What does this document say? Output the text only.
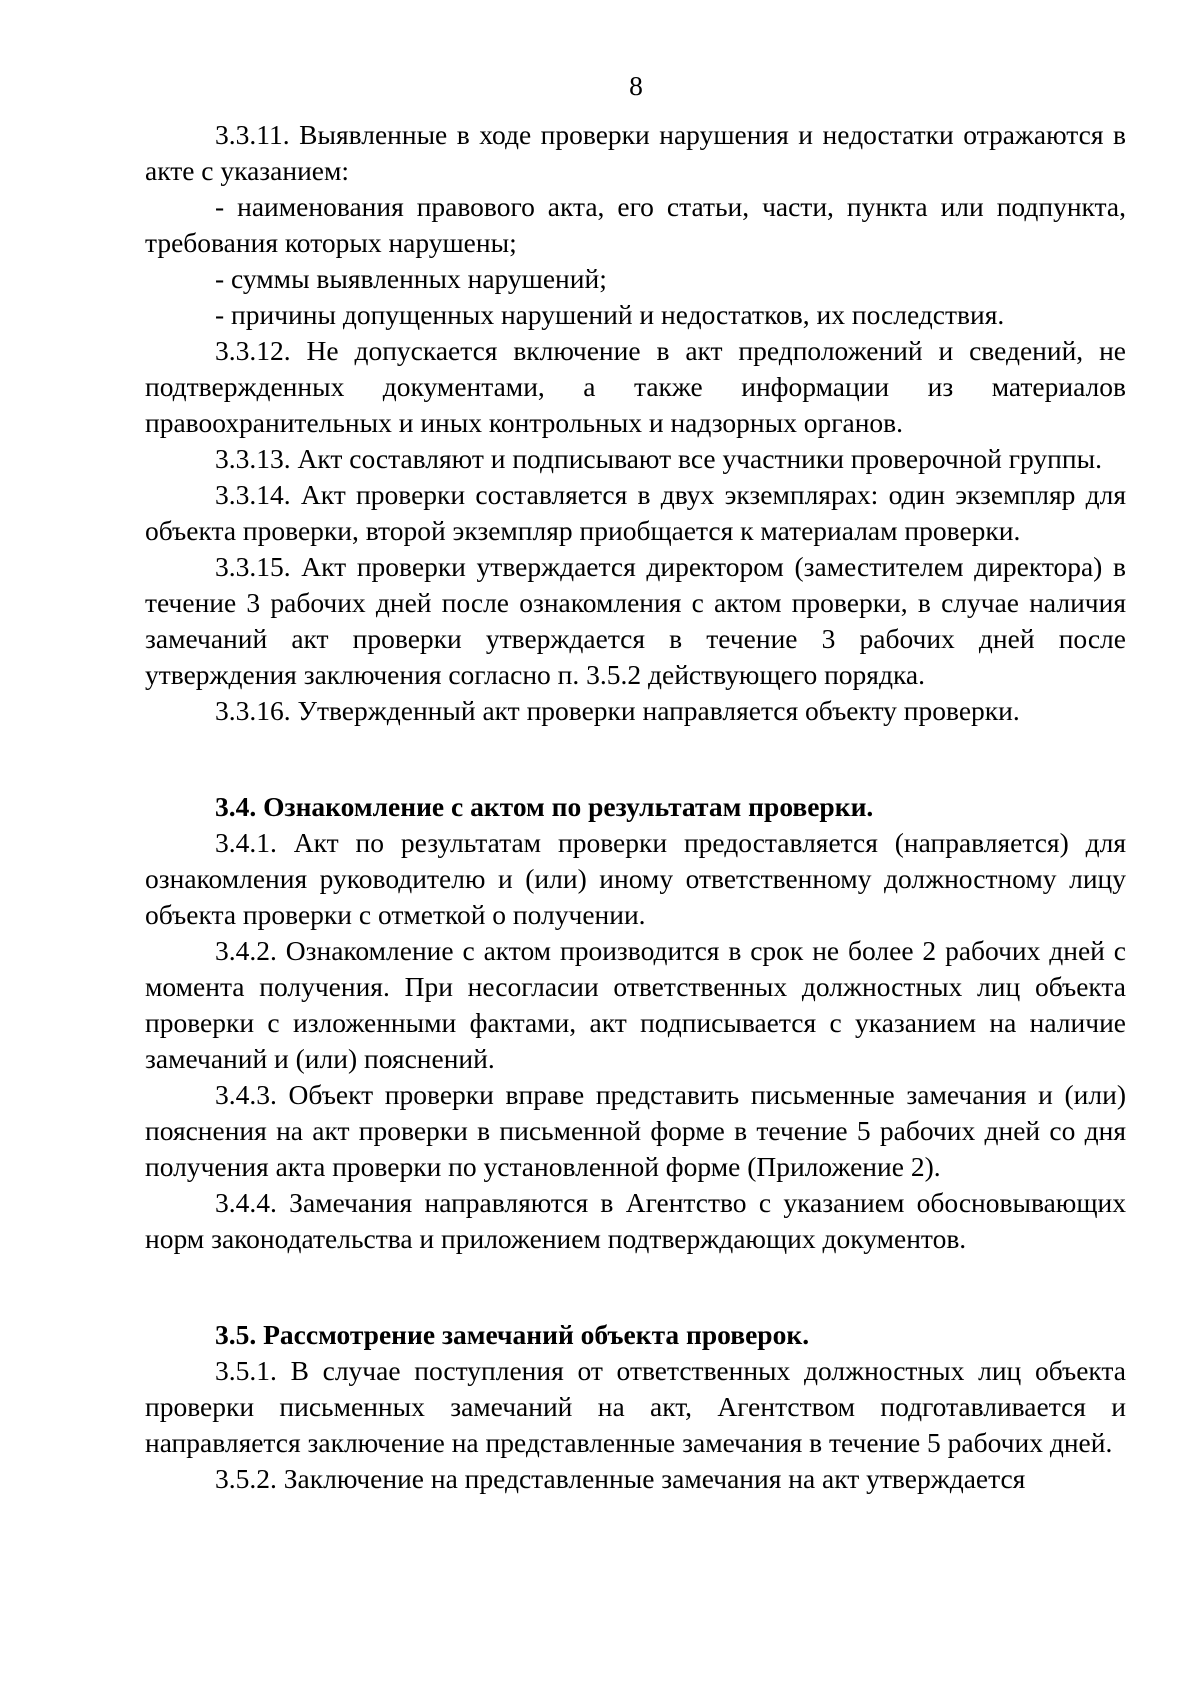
8

3.3.11. Выявленные в ходе проверки нарушения и недостатки отражаются в акте с указанием:

- наименования правового акта, его статьи, части, пункта или подпункта, требования которых нарушены;

- суммы выявленных нарушений;

- причины допущенных нарушений и недостатков, их последствия.

3.3.12. Не допускается включение в акт предположений и сведений, не подтвержденных документами, а также информации из материалов правоохранительных и иных контрольных и надзорных органов.

3.3.13. Акт составляют и подписывают все участники проверочной группы.

3.3.14. Акт проверки составляется в двух экземплярах: один экземпляр для объекта проверки, второй экземпляр приобщается к материалам проверки.

3.3.15. Акт проверки утверждается директором (заместителем директора) в течение 3 рабочих дней после ознакомления с актом проверки, в случае наличия замечаний акт проверки утверждается в течение 3 рабочих дней после утверждения заключения согласно п. 3.5.2 действующего порядка.

3.3.16. Утвержденный акт проверки направляется объекту проверки.

3.4. Ознакомление с актом по результатам проверки.

3.4.1. Акт по результатам проверки предоставляется (направляется) для ознакомления руководителю и (или) иному ответственному должностному лицу объекта проверки с отметкой о получении.

3.4.2. Ознакомление с актом производится в срок не более 2 рабочих дней с момента получения. При несогласии ответственных должностных лиц объекта проверки с изложенными фактами, акт подписывается с указанием на наличие замечаний и (или) пояснений.

3.4.3. Объект проверки вправе представить письменные замечания и (или) пояснения на акт проверки в письменной форме в течение 5 рабочих дней со дня получения акта проверки по установленной форме (Приложение 2).

3.4.4. Замечания направляются в Агентство с указанием обосновывающих норм законодательства и приложением подтверждающих документов.

3.5. Рассмотрение замечаний объекта проверок.

3.5.1. В случае поступления от ответственных должностных лиц объекта проверки письменных замечаний на акт, Агентством подготавливается и направляется заключение на представленные замечания в течение 5 рабочих дней.

3.5.2. Заключение на представленные замечания на акт утверждается
